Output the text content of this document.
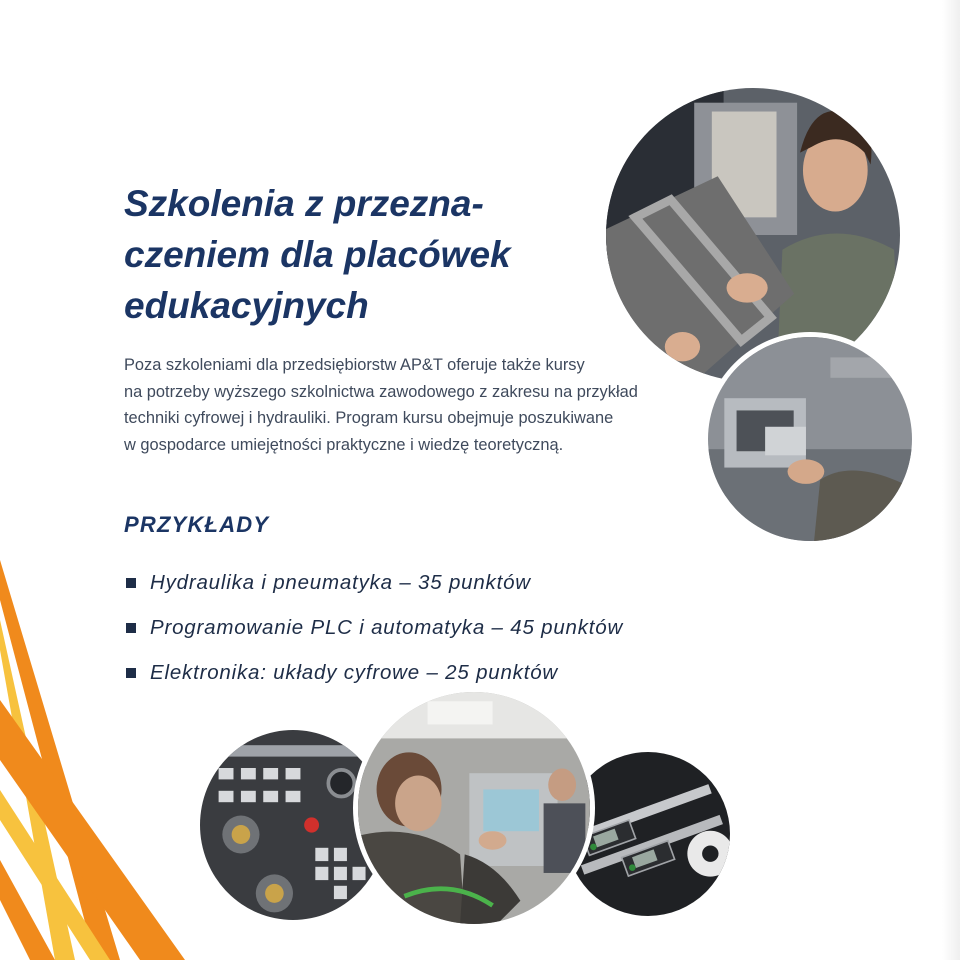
Szkolenia z przezna-
czeniem dla placówek
edukacyjnych
Poza szkoleniami dla przedsiębiorstw AP&T oferuje także kursy
na potrzeby wyższego szkolnictwa zawodowego z zakresu na przykład
techniki cyfrowej i hydrauliki. Program kursu obejmuje poszukiwane
w gospodarce umiejętności praktyczne i wiedzę teoretyczną.
PRZYKŁADY
Hydraulika i pneumatyka – 35 punktów
Programowanie PLC i automatyka – 45 punktów
Elektronika: układy cyfrowe – 25 punktów
